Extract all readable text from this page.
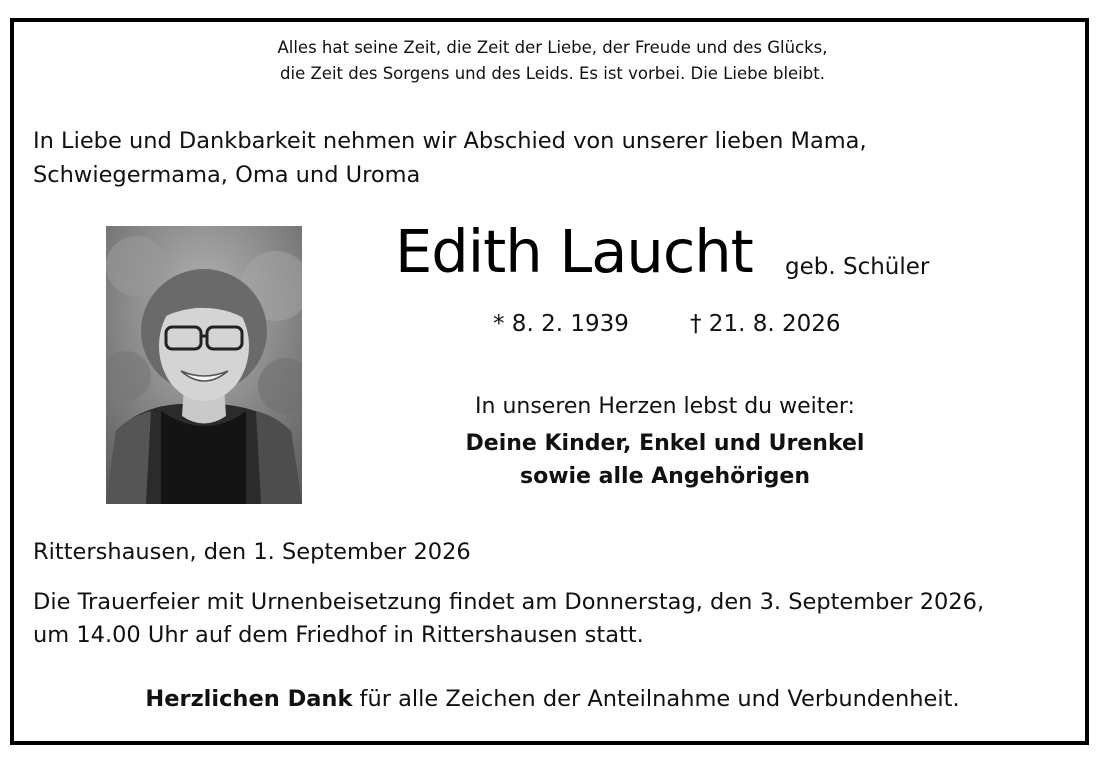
Alles hat seine Zeit, die Zeit der Liebe, der Freude und des Glücks,
die Zeit des Sorgens und des Leids. Es ist vorbei. Die Liebe bleibt.
In Liebe und Dankbarkeit nehmen wir Abschied von unserer lieben Mama,
Schwiegermama, Oma und Uroma
Edith Laucht geb. Schüler
* 8. 2. 1939	† 21. 8. 2026
In unseren Herzen lebst du weiter:
Deine Kinder, Enkel und Urenkel
sowie alle Angehörigen
Rittershausen, den 1. September 2026
Die Trauerfeier mit Urnenbeisetzung findet am Donnerstag, den 3. September 2026,
um 14.00 Uhr auf dem Friedhof in Rittershausen statt.
Herzlichen Dank für alle Zeichen der Anteilnahme und Verbundenheit.
